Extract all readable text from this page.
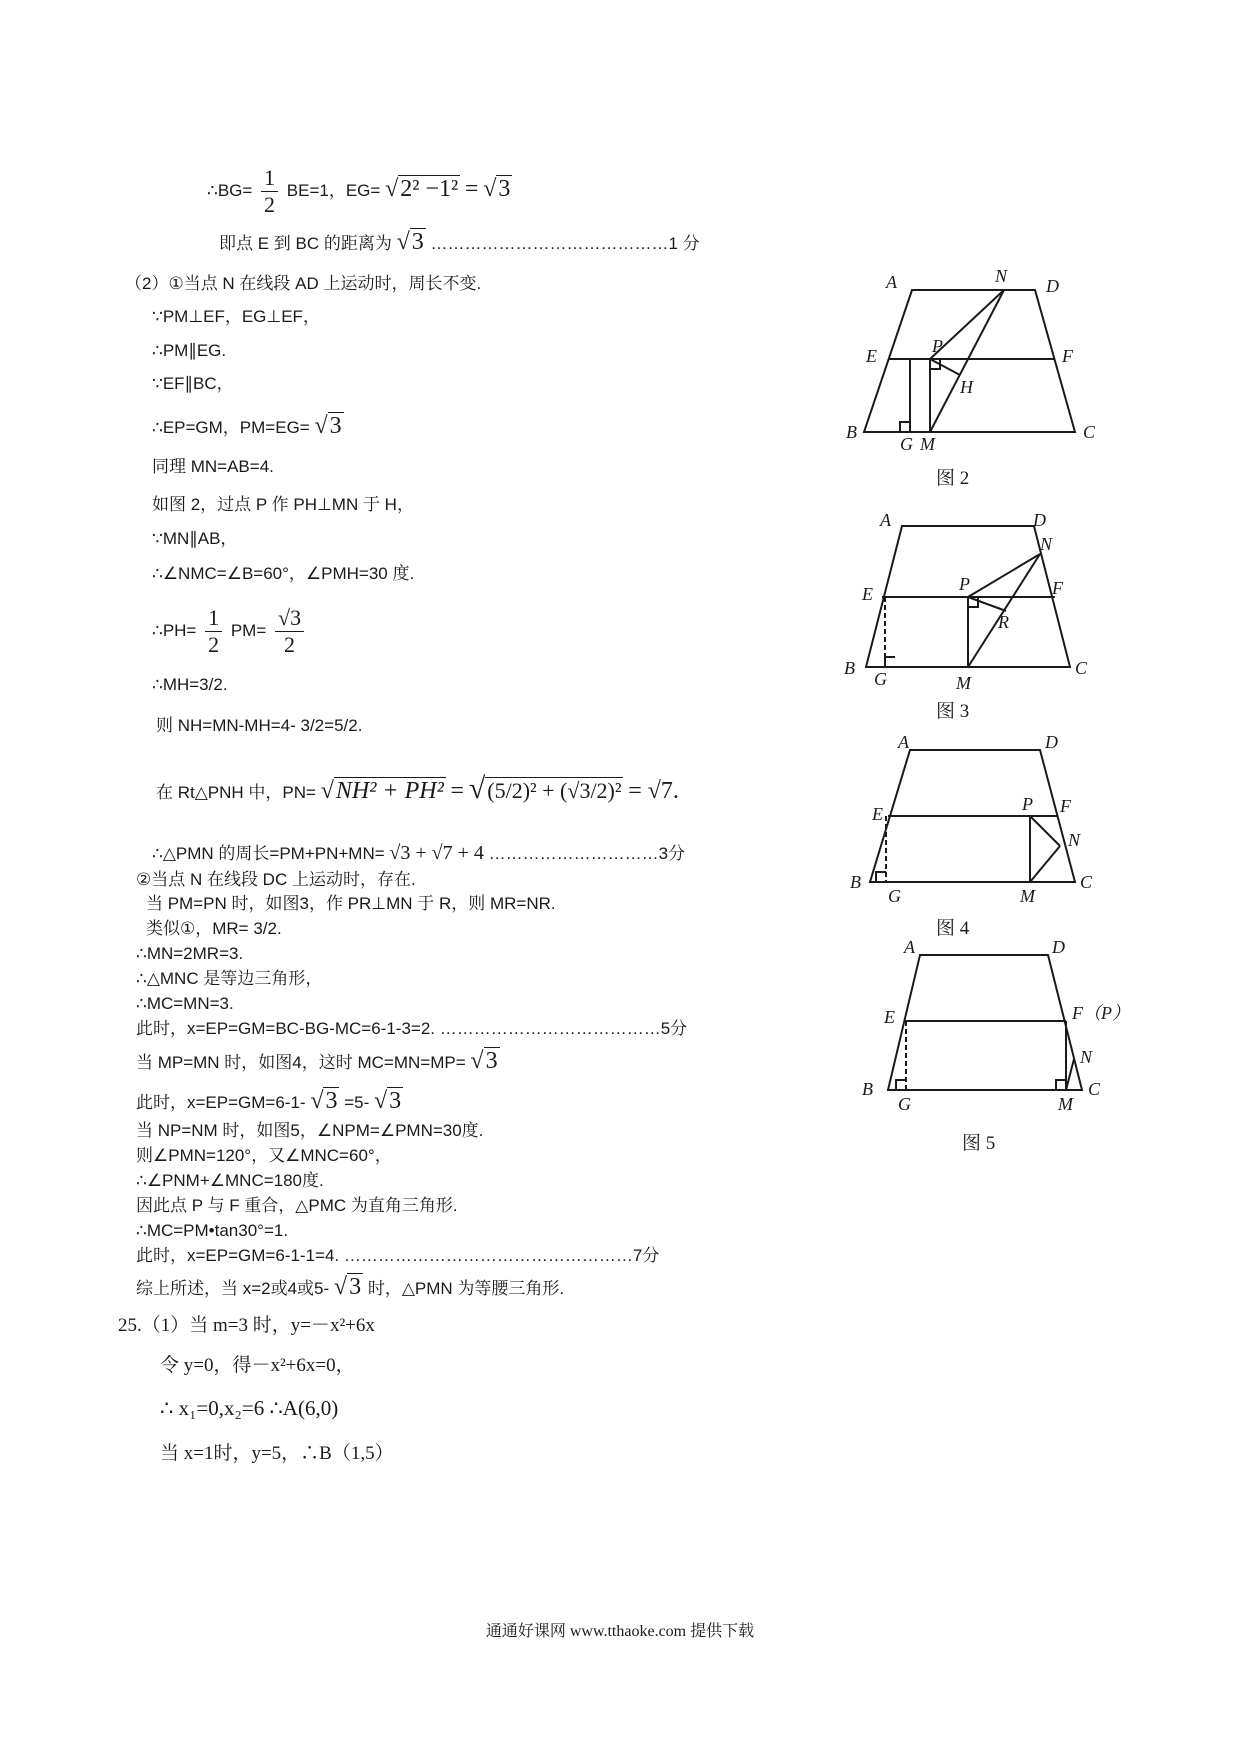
∴BG= $\frac{1}{2} BE=1$，EG= √2² −1² = √3
即点 E 到 BC 的距离为 √3 ……………………………………1 分
（2）①当点 N 在线段 AD 上运动时，周长不变.
∵PM⊥EF，EG⊥EF，
∴PM∥EG.
∵EF∥BC，
∴EP=GM，PM=EG= √3
同理 MN=AB=4.
如图 2，过点 P 作 PH⊥MN 于 H，
∵MN∥AB，
∴∠NMC=∠B=60°，∠PMH=30 度.
∴PH= $\frac{1}{2} PM= \frac{√3}{2}$
∴MH=3/2.
则 NH=MN-MH=4- 3/2=5/2.
在 Rt△PNH 中，PN= √NH² + PH² = √(5/2)² + (√3/2)² = √7.
∴△PMN 的周长=PM+PN+MN= √3 + √7 + 4 …………………………3分
②当点 N 在线段 DC 上运动时，存在.
当 PM=PN 时，如图3，作 PR⊥MN 于 R，则 MR=NR.
类似①，MR= 3/2.
∴MN=2MR=3.
∴△MNC 是等边三角形，
∴MC=MN=3.
此时，x=EP=GM=BC-BG-MC=6-1-3=2. …………………………………5分
当 MP=MN 时，如图4，这时 MC=MN=MP= √3
此时，x=EP=GM=6-1- √3 =5- √3
当 NP=NM 时，如图5，∠NPM=∠PMN=30度.
则∠PMN=120°，又∠MNC=60°，
∴∠PNM+∠MNC=180度.
因此点 P 与 F 重合，△PMC 为直角三角形.
∴MC=PM•tan30°=1.
此时，x=EP=GM=6-1-1=4. ……………………………………………7分
综上所述，当 x=2或4或5- √3 时，△PMN 为等腰三角形.
25.（1）当 m=3 时，y=－x²+6x
令 y=0，得－x²+6x=0，
∴ x₁=0,x₂=6 ∴A(6,0)
当 x=1时，y=5，∴B（1,5）
A	N D
P
E	F
H
B
G M
C
图 2
A	D
N
E	P	F
R
B
G	M
C
图 3
A	D
E	P F
N
B
G	M
C
图 4
A	D
E	F（P）
N
B
G	M
C
图 5
通通好课网 www.tthaoke.com 提供下载
